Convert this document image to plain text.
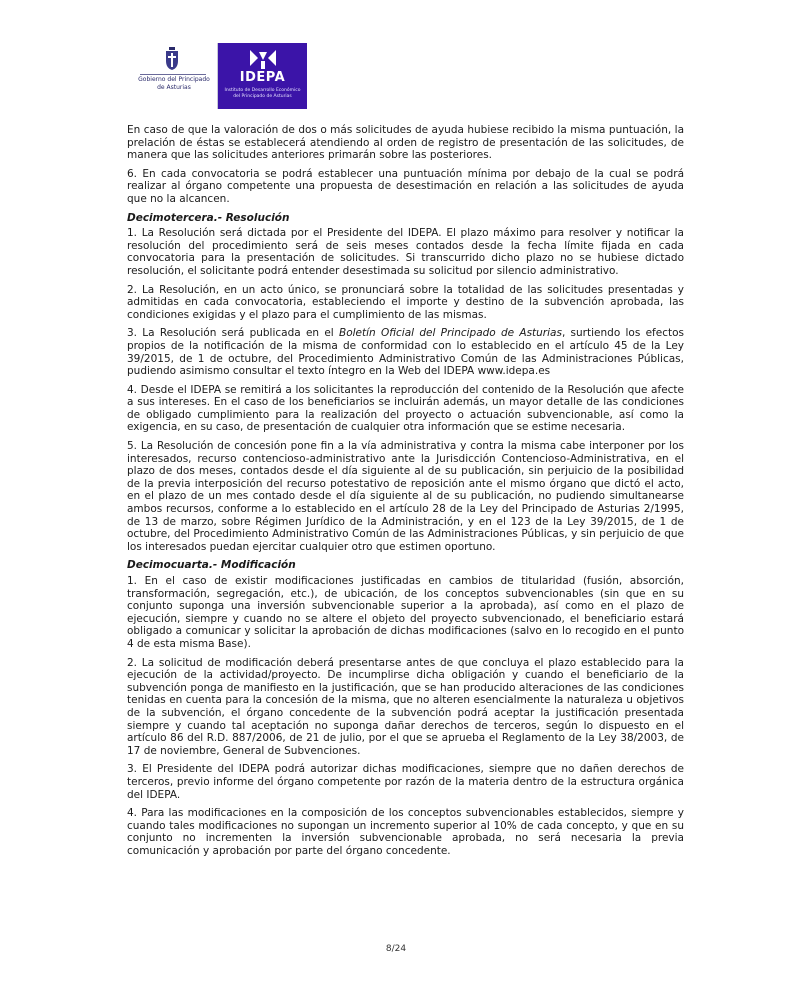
Gobierno del Principado de Asturias
IDEPA
Instituto de Desarrollo Económico del Principado de Asturias

En caso de que la valoración de dos o más solicitudes de ayuda hubiese recibido la misma puntuación, la prelación de éstas se establecerá atendiendo al orden de registro de presentación de las solicitudes, de manera que las solicitudes anteriores primarán sobre las posteriores.

6. En cada convocatoria se podrá establecer una puntuación mínima por debajo de la cual se podrá realizar al órgano competente una propuesta de desestimación en relación a las solicitudes de ayuda que no la alcancen.

Decimotercera.- Resolución

1. La Resolución será dictada por el Presidente del IDEPA. El plazo máximo para resolver y notificar la resolución del procedimiento será de seis meses contados desde la fecha límite fijada en cada convocatoria para la presentación de solicitudes. Si transcurrido dicho plazo no se hubiese dictado resolución, el solicitante podrá entender desestimada su solicitud por silencio administrativo.

2. La Resolución, en un acto único, se pronunciará sobre la totalidad de las solicitudes presentadas y admitidas en cada convocatoria, estableciendo el importe y destino de la subvención aprobada, las condiciones exigidas y el plazo para el cumplimiento de las mismas.

3. La Resolución será publicada en el Boletín Oficial del Principado de Asturias, surtiendo los efectos propios de la notificación de la misma de conformidad con lo establecido en el artículo 45 de la Ley 39/2015, de 1 de octubre, del Procedimiento Administrativo Común de las Administraciones Públicas, pudiendo asimismo consultar el texto íntegro en la Web del IDEPA www.idepa.es

4. Desde el IDEPA se remitirá a los solicitantes la reproducción del contenido de la Resolución que afecte a sus intereses. En el caso de los beneficiarios se incluirán además, un mayor detalle de las condiciones de obligado cumplimiento para la realización del proyecto o actuación subvencionable, así como la exigencia, en su caso, de presentación de cualquier otra información que se estime necesaria.

5. La Resolución de concesión pone fin a la vía administrativa y contra la misma cabe interponer por los interesados, recurso contencioso-administrativo ante la Jurisdicción Contencioso-Administrativa, en el plazo de dos meses, contados desde el día siguiente al de su publicación, sin perjuicio de la posibilidad de la previa interposición del recurso potestativo de reposición ante el mismo órgano que dictó el acto, en el plazo de un mes contado desde el día siguiente al de su publicación, no pudiendo simultanearse ambos recursos, conforme a lo establecido en el artículo 28 de la Ley del Principado de Asturias 2/1995, de 13 de marzo, sobre Régimen Jurídico de la Administración, y en el 123 de la Ley 39/2015, de 1 de octubre, del Procedimiento Administrativo Común de las Administraciones Públicas, y sin perjuicio de que los interesados puedan ejercitar cualquier otro que estimen oportuno.

Decimocuarta.- Modificación

1. En el caso de existir modificaciones justificadas en cambios de titularidad (fusión, absorción, transformación, segregación, etc.), de ubicación, de los conceptos subvencionables (sin que en su conjunto suponga una inversión subvencionable superior a la aprobada), así como en el plazo de ejecución, siempre y cuando no se altere el objeto del proyecto subvencionado, el beneficiario estará obligado a comunicar y solicitar la aprobación de dichas modificaciones (salvo en lo recogido en el punto 4 de esta misma Base).

2. La solicitud de modificación deberá presentarse antes de que concluya el plazo establecido para la ejecución de la actividad/proyecto. De incumplirse dicha obligación y cuando el beneficiario de la subvención ponga de manifiesto en la justificación, que se han producido alteraciones de las condiciones tenidas en cuenta para la concesión de la misma, que no alteren esencialmente la naturaleza u objetivos de la subvención, el órgano concedente de la subvención podrá aceptar la justificación presentada siempre y cuando tal aceptación no suponga dañar derechos de terceros, según lo dispuesto en el artículo 86 del R.D. 887/2006, de 21 de julio, por el que se aprueba el Reglamento de la Ley 38/2003, de 17 de noviembre, General de Subvenciones.

3. El Presidente del IDEPA podrá autorizar dichas modificaciones, siempre que no dañen derechos de terceros, previo informe del órgano competente por razón de la materia dentro de la estructura orgánica del IDEPA.

4. Para las modificaciones en la composición de los conceptos subvencionables establecidos, siempre y cuando tales modificaciones no supongan un incremento superior al 10% de cada concepto, y que en su conjunto no incrementen la inversión subvencionable aprobada, no será necesaria la previa comunicación y aprobación por parte del órgano concedente.

8/24
